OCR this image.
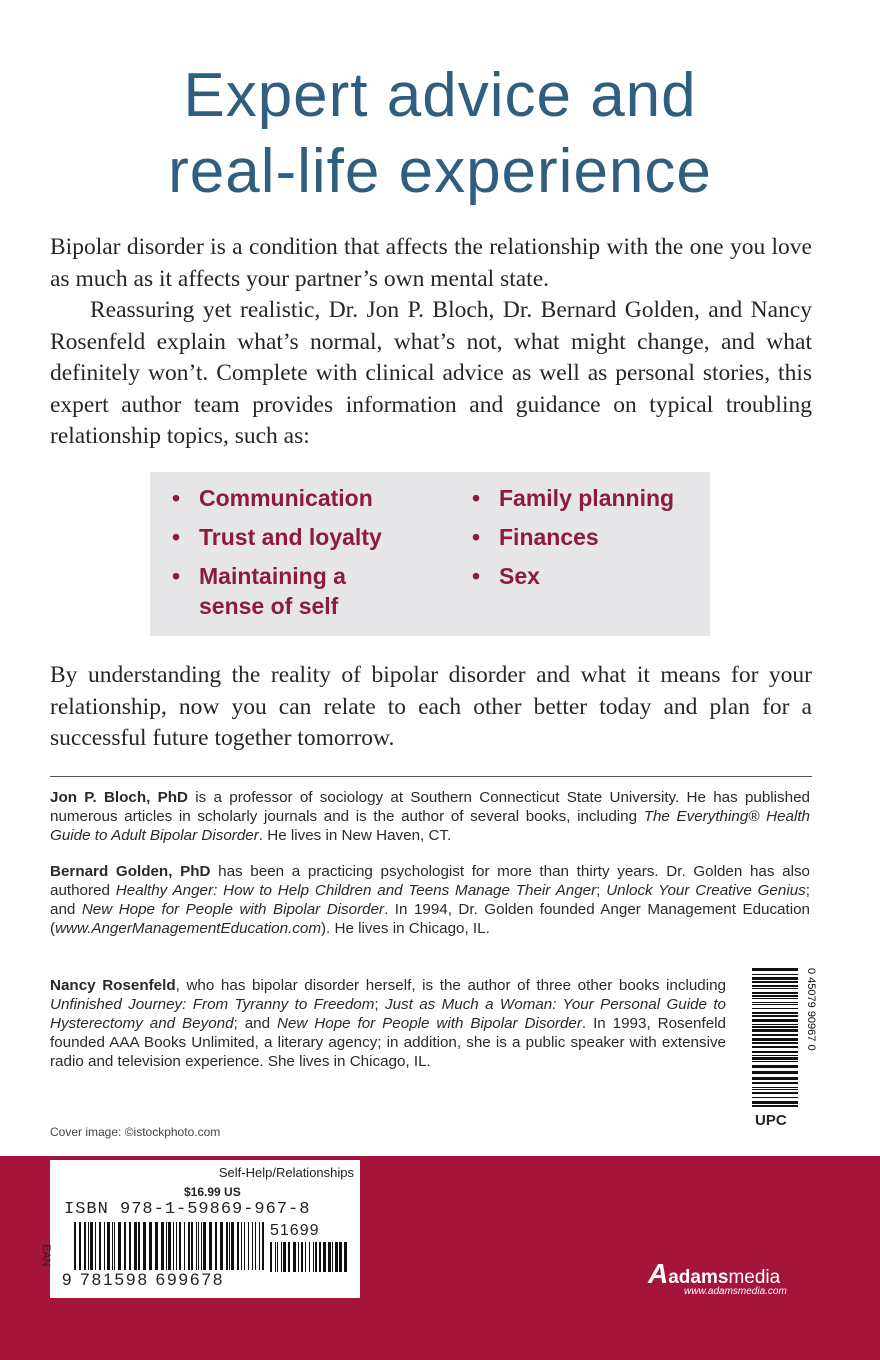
Expert advice and
real-life experience

Bipolar disorder is a condition that affects the relationship with the one you love as much as it affects your partner’s own mental state.

Reassuring yet realistic, Dr. Jon P. Bloch, Dr. Bernard Golden, and Nancy Rosenfeld explain what’s normal, what’s not, what might change, and what definitely won’t. Complete with clinical advice as well as personal stories, this expert author team provides information and guidance on typical troubling relationship topics, such as:

• Communication
• Trust and loyalty
• Maintaining a
sense of self
• Family planning
• Finances
• Sex
By understanding the reality of bipolar disorder and what it means for your relationship, now you can relate to each other better today and plan for a successful future together tomorrow.
Jon P. Bloch, PhD is a professor of sociology at Southern Connecticut State University. He has published numerous articles in scholarly journals and is the author of several books, including The Everything® Health Guide to Adult Bipolar Disorder. He lives in New Haven, CT.
Bernard Golden, PhD has been a practicing psychologist for more than thirty years. Dr. Golden has also authored Healthy Anger: How to Help Children and Teens Manage Their Anger; Unlock Your Creative Genius; and New Hope for People with Bipolar Disorder. In 1994, Dr. Golden founded Anger Management Education (www.AngerManagementEducation.com). He lives in Chicago, IL.
Nancy Rosenfeld, who has bipolar disorder herself, is the author of three other books including Unfinished Journey: From Tyranny to Freedom; Just as Much a Woman: Your Personal Guide to Hysterectomy and Beyond; and New Hope for People with Bipolar Disorder. In 1993, Rosenfeld founded AAA Books Unlimited, a literary agency; in addition, she is a public speaker with extensive radio and television experience. She lives in Chicago, IL.
0 45079 90967 0
UPC
Cover image: ©istockphoto.com
Self-Help/Relationships
$16.99 US
ISBN 978-1-59869-967-8
51699
EAN
9 781598 699678	Aadamsmedia
www.adamsmedia.com
